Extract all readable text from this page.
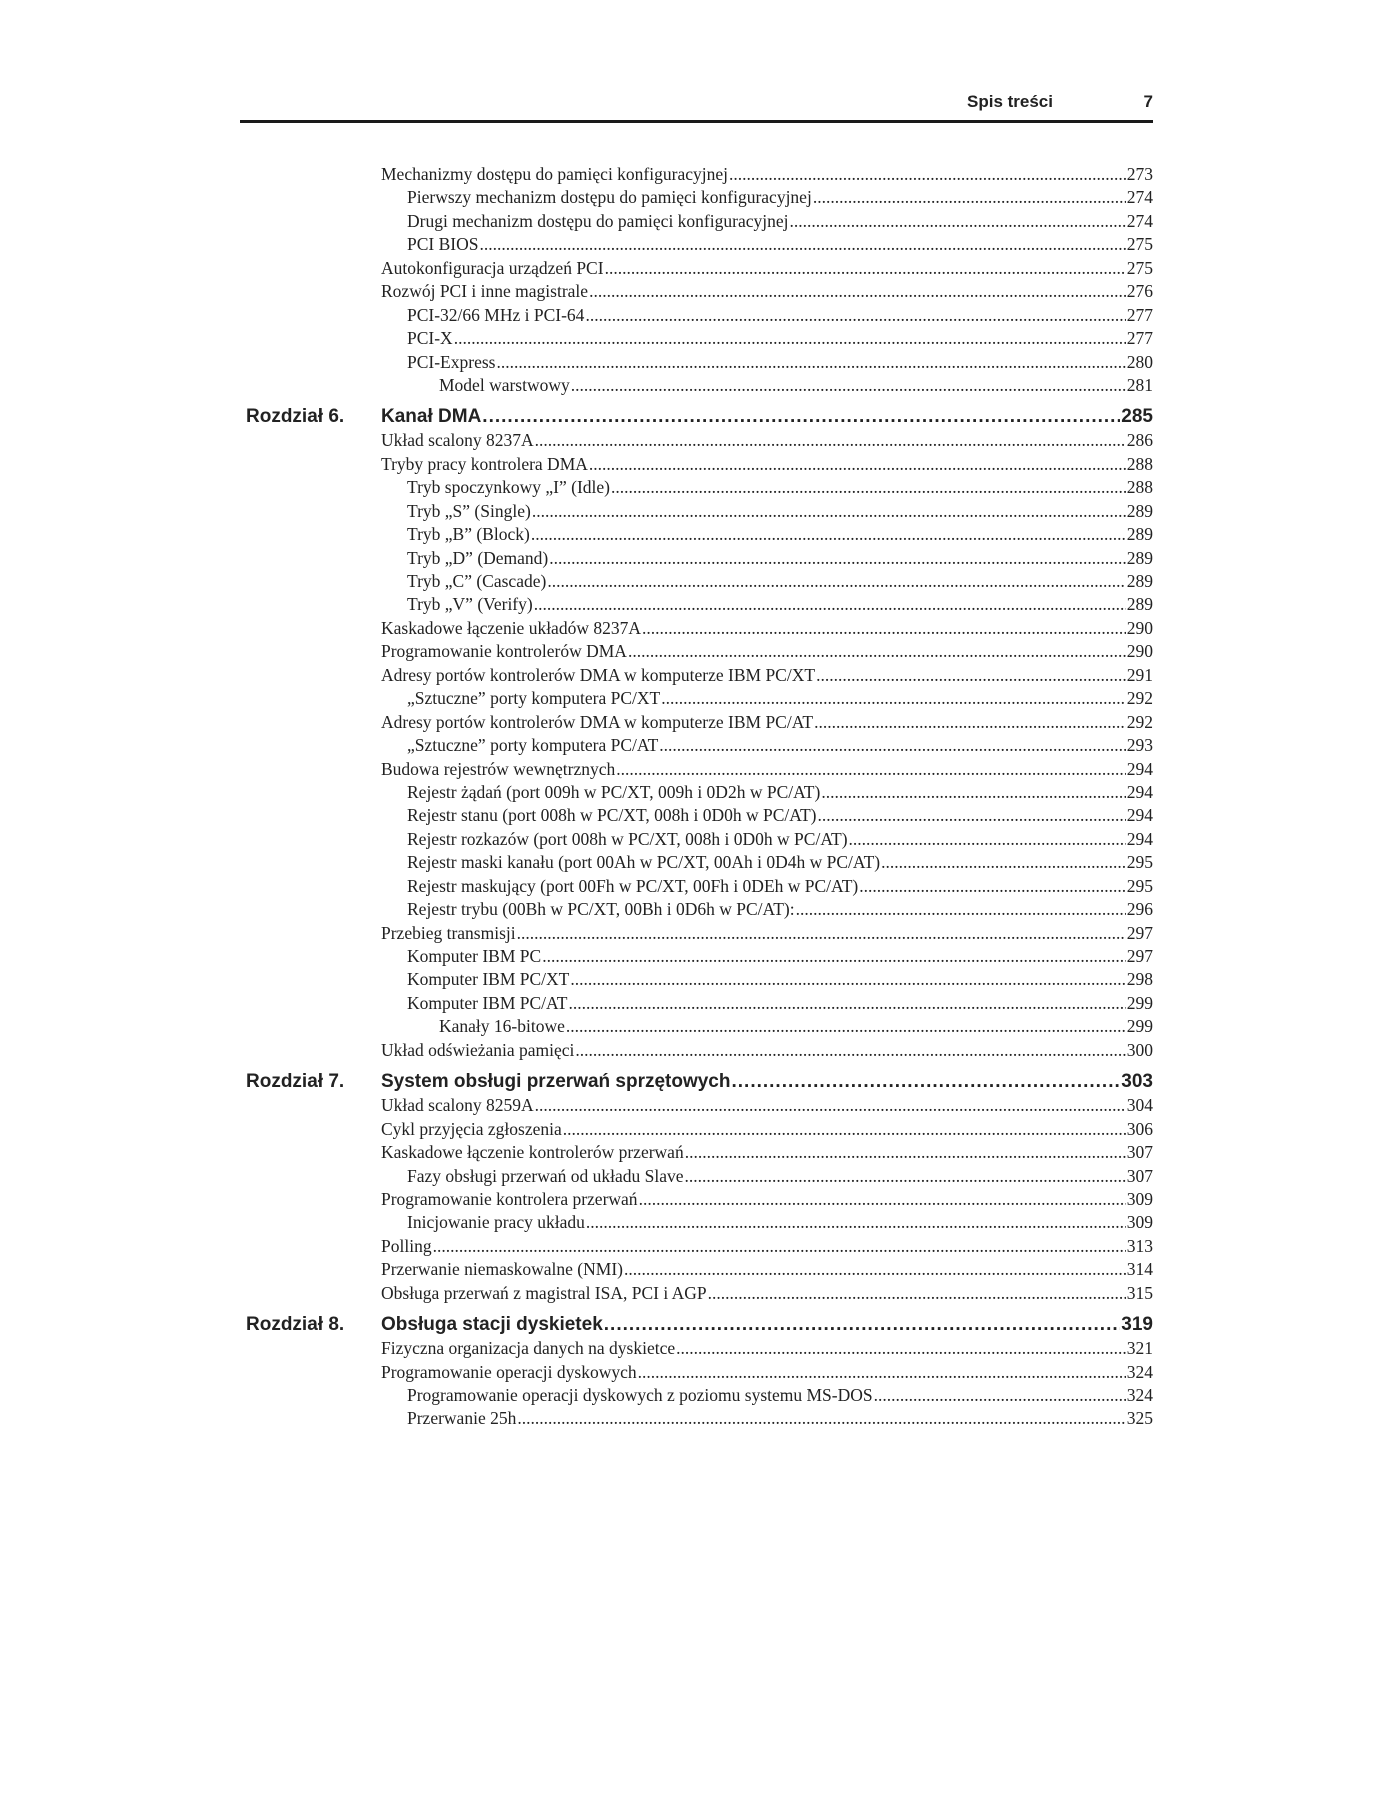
Spis treści	7
Mechanizmy dostępu do pamięci konfiguracyjnej .....	273
Pierwszy mechanizm dostępu do pamięci konfiguracyjnej .....	274
Drugi mechanizm dostępu do pamięci konfiguracyjnej .....	274
PCI BIOS .....	275
Autokonfiguracja urządzeń PCI .....	275
Rozwój PCI i inne magistrale .....	276
PCI-32/66 MHz i PCI-64 .....	277
PCI-X .....	277
PCI-Express .....	280
Model warstwowy .....	281
Rozdział 6. Kanał DMA .....	285
Układ scalony 8237A .....	286
Tryby pracy kontrolera DMA .....	288
Tryb spoczynkowy „I” (Idle) .....	288
Tryb „S” (Single) .....	289
Tryb „B” (Block) .....	289
Tryb „D” (Demand) .....	289
Tryb „C” (Cascade) .....	289
Tryb „V” (Verify) .....	289
Kaskadowe łączenie układów 8237A .....	290
Programowanie kontrolerów DMA .....	290
Adresy portów kontrolerów DMA w komputerze IBM PC/XT .....	291
„Sztuczne” porty komputera PC/XT .....	292
Adresy portów kontrolerów DMA w komputerze IBM PC/AT .....	292
„Sztuczne” porty komputera PC/AT .....	293
Budowa rejestrów wewnętrznych .....	294
Rejestr żądań (port 009h w PC/XT, 009h i 0D2h w PC/AT) .....	294
Rejestr stanu (port 008h w PC/XT, 008h i 0D0h w PC/AT) .....	294
Rejestr rozkazów (port 008h w PC/XT, 008h i 0D0h w PC/AT) .....	294
Rejestr maski kanału (port 00Ah w PC/XT, 00Ah i 0D4h w PC/AT) .....	295
Rejestr maskujący (port 00Fh w PC/XT, 00Fh i 0DEh w PC/AT) .....	295
Rejestr trybu (00Bh w PC/XT, 00Bh i 0D6h w PC/AT): .....	296
Przebieg transmisji .....	297
Komputer IBM PC .....	297
Komputer IBM PC/XT .....	298
Komputer IBM PC/AT .....	299
Kanały 16-bitowe .....	299
Układ odświeżania pamięci .....	300
Rozdział 7. System obsługi przerwań sprzętowych .....	303
Układ scalony 8259A .....	304
Cykl przyjęcia zgłoszenia .....	306
Kaskadowe łączenie kontrolerów przerwań .....	307
Fazy obsługi przerwań od układu Slave .....	307
Programowanie kontrolera przerwań .....	309
Inicjowanie pracy układu .....	309
Polling .....	313
Przerwanie niemaskowalne (NMI) .....	314
Obsługa przerwań z magistral ISA, PCI i AGP .....	315
Rozdział 8. Obsługa stacji dyskietek .....	319
Fizyczna organizacja danych na dyskietce .....	321
Programowanie operacji dyskowych .....	324
Programowanie operacji dyskowych z poziomu systemu MS-DOS .....	324
Przerwanie 25h .....	325
